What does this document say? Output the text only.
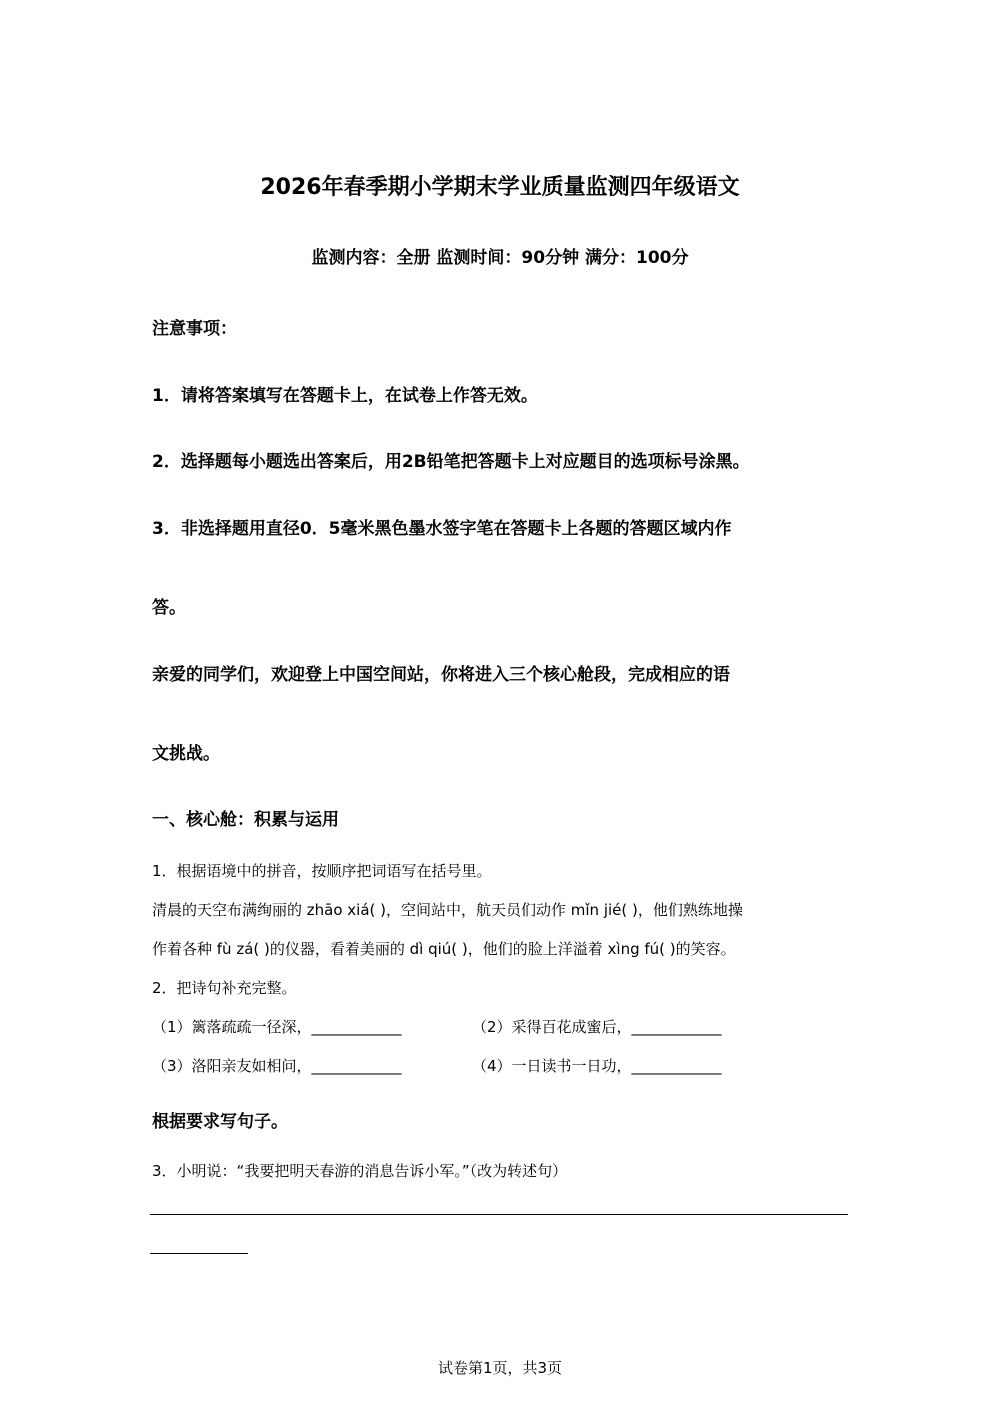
2026年春季期小学期末学业质量监测四年级语文
监测内容：全册 监测时间：90分钟 满分：100分
注意事项：
1．请将答案填写在答题卡上，在试卷上作答无效。
2．选择题每小题选出答案后，用2B铅笔把答题卡上对应题目的选项标号涂黑。
3．非选择题用直径0．5毫米黑色墨水签字笔在答题卡上各题的答题区域内作
答。
亲爱的同学们，欢迎登上中国空间站，你将进入三个核心舱段，完成相应的语
文挑战。
一、核心舱：积累与运用
1．根据语境中的拼音，按顺序把词语写在括号里。
清晨的天空布满绚丽的 zhāo xiá( )，空间站中，航天员们动作 mǐn jié( )，他们熟练地操
作着各种 fù zá( )的仪器，看着美丽的 dì qiú( )，他们的脸上洋溢着 xìng fú( )的笑容。
2．把诗句补充完整。
（1）篱落疏疏一径深，____________	（2）采得百花成蜜后，____________
（3）洛阳亲友如相问，____________	（4）一日读书一日功，____________
根据要求写句子。
3．小明说：“我要把明天春游的消息告诉小军。”（改为转述句）
试卷第1页，共3页
